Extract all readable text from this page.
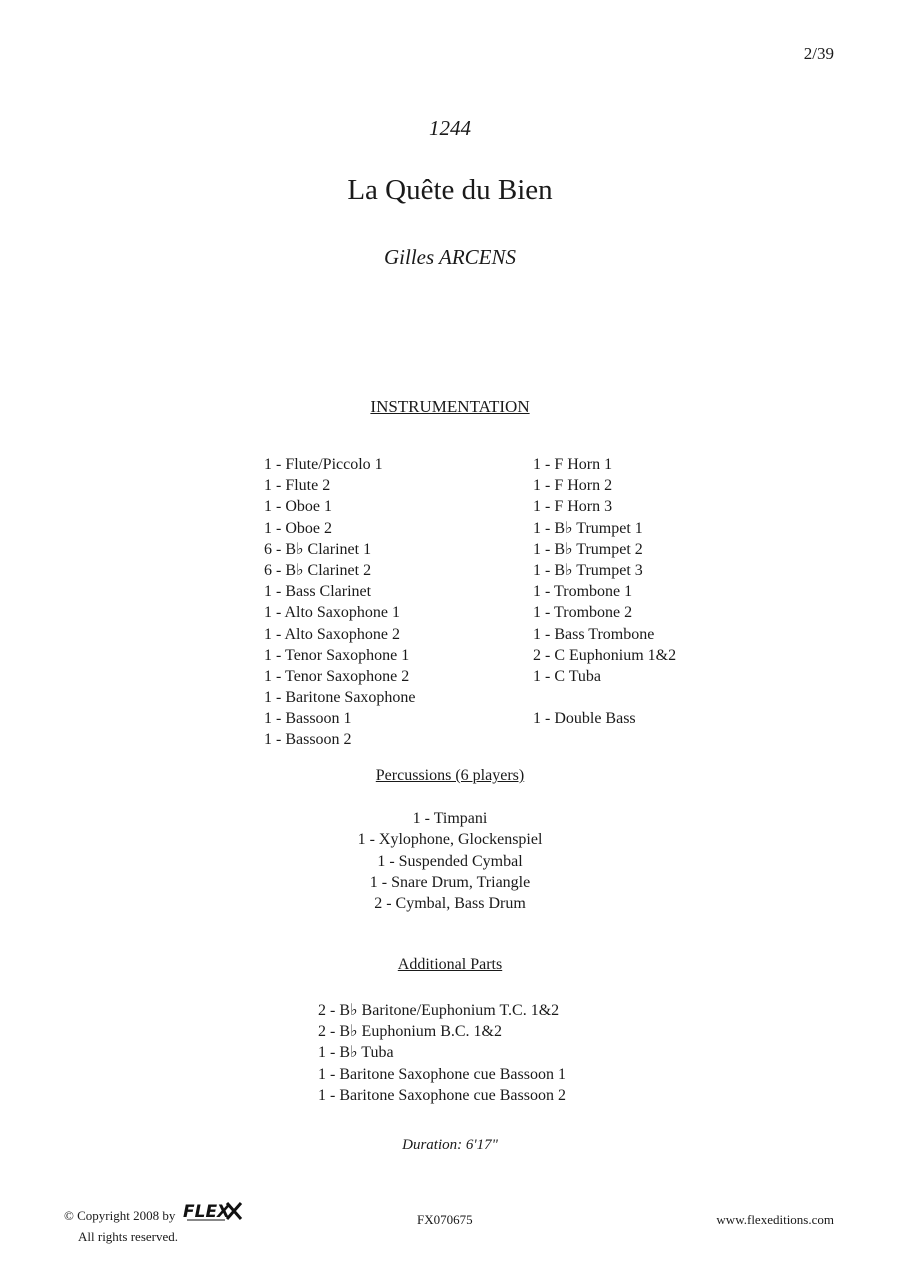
2/39
1244
La Quête du Bien
Gilles ARCENS
INSTRUMENTATION
1 - Flute/Piccolo 1
1 - Flute 2
1 - Oboe 1
1 - Oboe 2
6 - B♭ Clarinet 1
6 - B♭ Clarinet 2
1 - Bass Clarinet
1 - Alto Saxophone 1
1 - Alto Saxophone 2
1 - Tenor Saxophone 1
1 - Tenor Saxophone 2
1 - Baritone Saxophone
1 - Bassoon 1
1 - Bassoon 2
1 - F Horn 1
1 - F Horn 2
1 - F Horn 3
1 - B♭ Trumpet 1
1 - B♭ Trumpet 2
1 - B♭ Trumpet 3
1 - Trombone 1
1 - Trombone 2
1 - Bass Trombone
2 - C Euphonium 1&2
1 - C Tuba
1 - Double Bass
Percussions (6 players)
1 - Timpani
1 - Xylophone, Glockenspiel
1 - Suspended Cymbal
1 - Snare Drum, Triangle
2 - Cymbal, Bass Drum
Additional Parts
2 - B♭ Baritone/Euphonium T.C. 1&2
2 - B♭ Euphonium B.C. 1&2
1 - B♭ Tuba
1 - Baritone Saxophone cue Bassoon 1
1 - Baritone Saxophone cue Bassoon 2
Duration: 6'17"
© Copyright 2008 by FLEX
All rights reserved.
FX070675	www.flexeditions.com
